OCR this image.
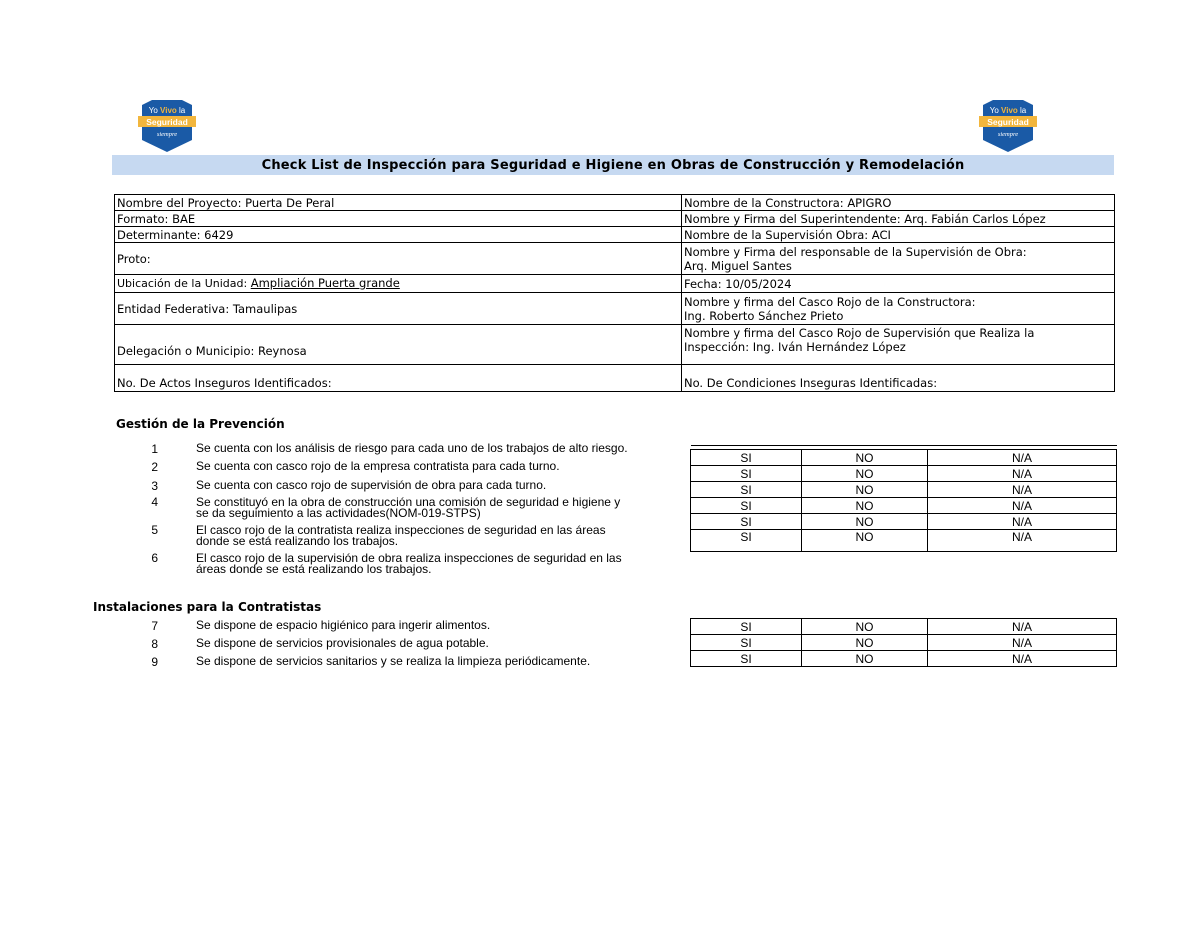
Yo Vivo la
Seguridad
siempre
Yo Vivo la
Seguridad
siempre
Check List de Inspección para Seguridad e Higiene en Obras de Construcción y Remodelación
Nombre del Proyecto: Puerta De Peral	Nombre de la Constructora: APIGRO
Formato: BAE	Nombre y Firma del Superintendente: Arq. Fabián Carlos López
Determinante: 6429	Nombre de la Supervisión Obra: ACI
Proto:	Nombre y Firma del responsable de la Supervisión de Obra:
Arq. Miguel Santes

Ubicación de la Unidad: Ampliación Puerta grande	Fecha: 10/05/2024
Entidad Federativa: Tamaulipas	Nombre y firma del Casco Rojo de la Constructora:
Ing. Roberto Sánchez Prieto

Delegación o Municipio: Reynosa	Nombre y firma del Casco Rojo de Supervisión que Realiza la
Inspección: Ing. Iván Hernández López

No. De Actos Inseguros Identificados:	No. De Condiciones Inseguras Identificadas:
Gestión de la Prevención
1	Se cuenta con los análisis de riesgo para cada uno de los trabajos de alto riesgo.
2	Se cuenta con casco rojo de la empresa contratista para cada turno.
3	Se cuenta con casco rojo de supervisión de obra para cada turno.
4	Se constituyó en la obra de construcción una comisión de seguridad e higiene y
se da seguimiento a las actividades(NOM-019-STPS)
5	El casco rojo de la contratista realiza inspecciones de seguridad en las áreas
donde se está realizando los trabajos.
6	El casco rojo de la supervisión de obra realiza inspecciones de seguridad en las
áreas donde se está realizando los trabajos.

SI	NO	N/A
SI	NO	N/A
SI	NO	N/A
SI	NO	N/A
SI	NO	N/A
SI	NO	N/A
Instalaciones para la Contratistas
7	Se dispone de espacio higiénico para ingerir alimentos.
8	Se dispone de servicios provisionales de agua potable.
9	Se dispone de servicios sanitarios y se realiza la limpieza periódicamente.
SI	NO	N/A
SI	NO	N/A
SI	NO	N/A
